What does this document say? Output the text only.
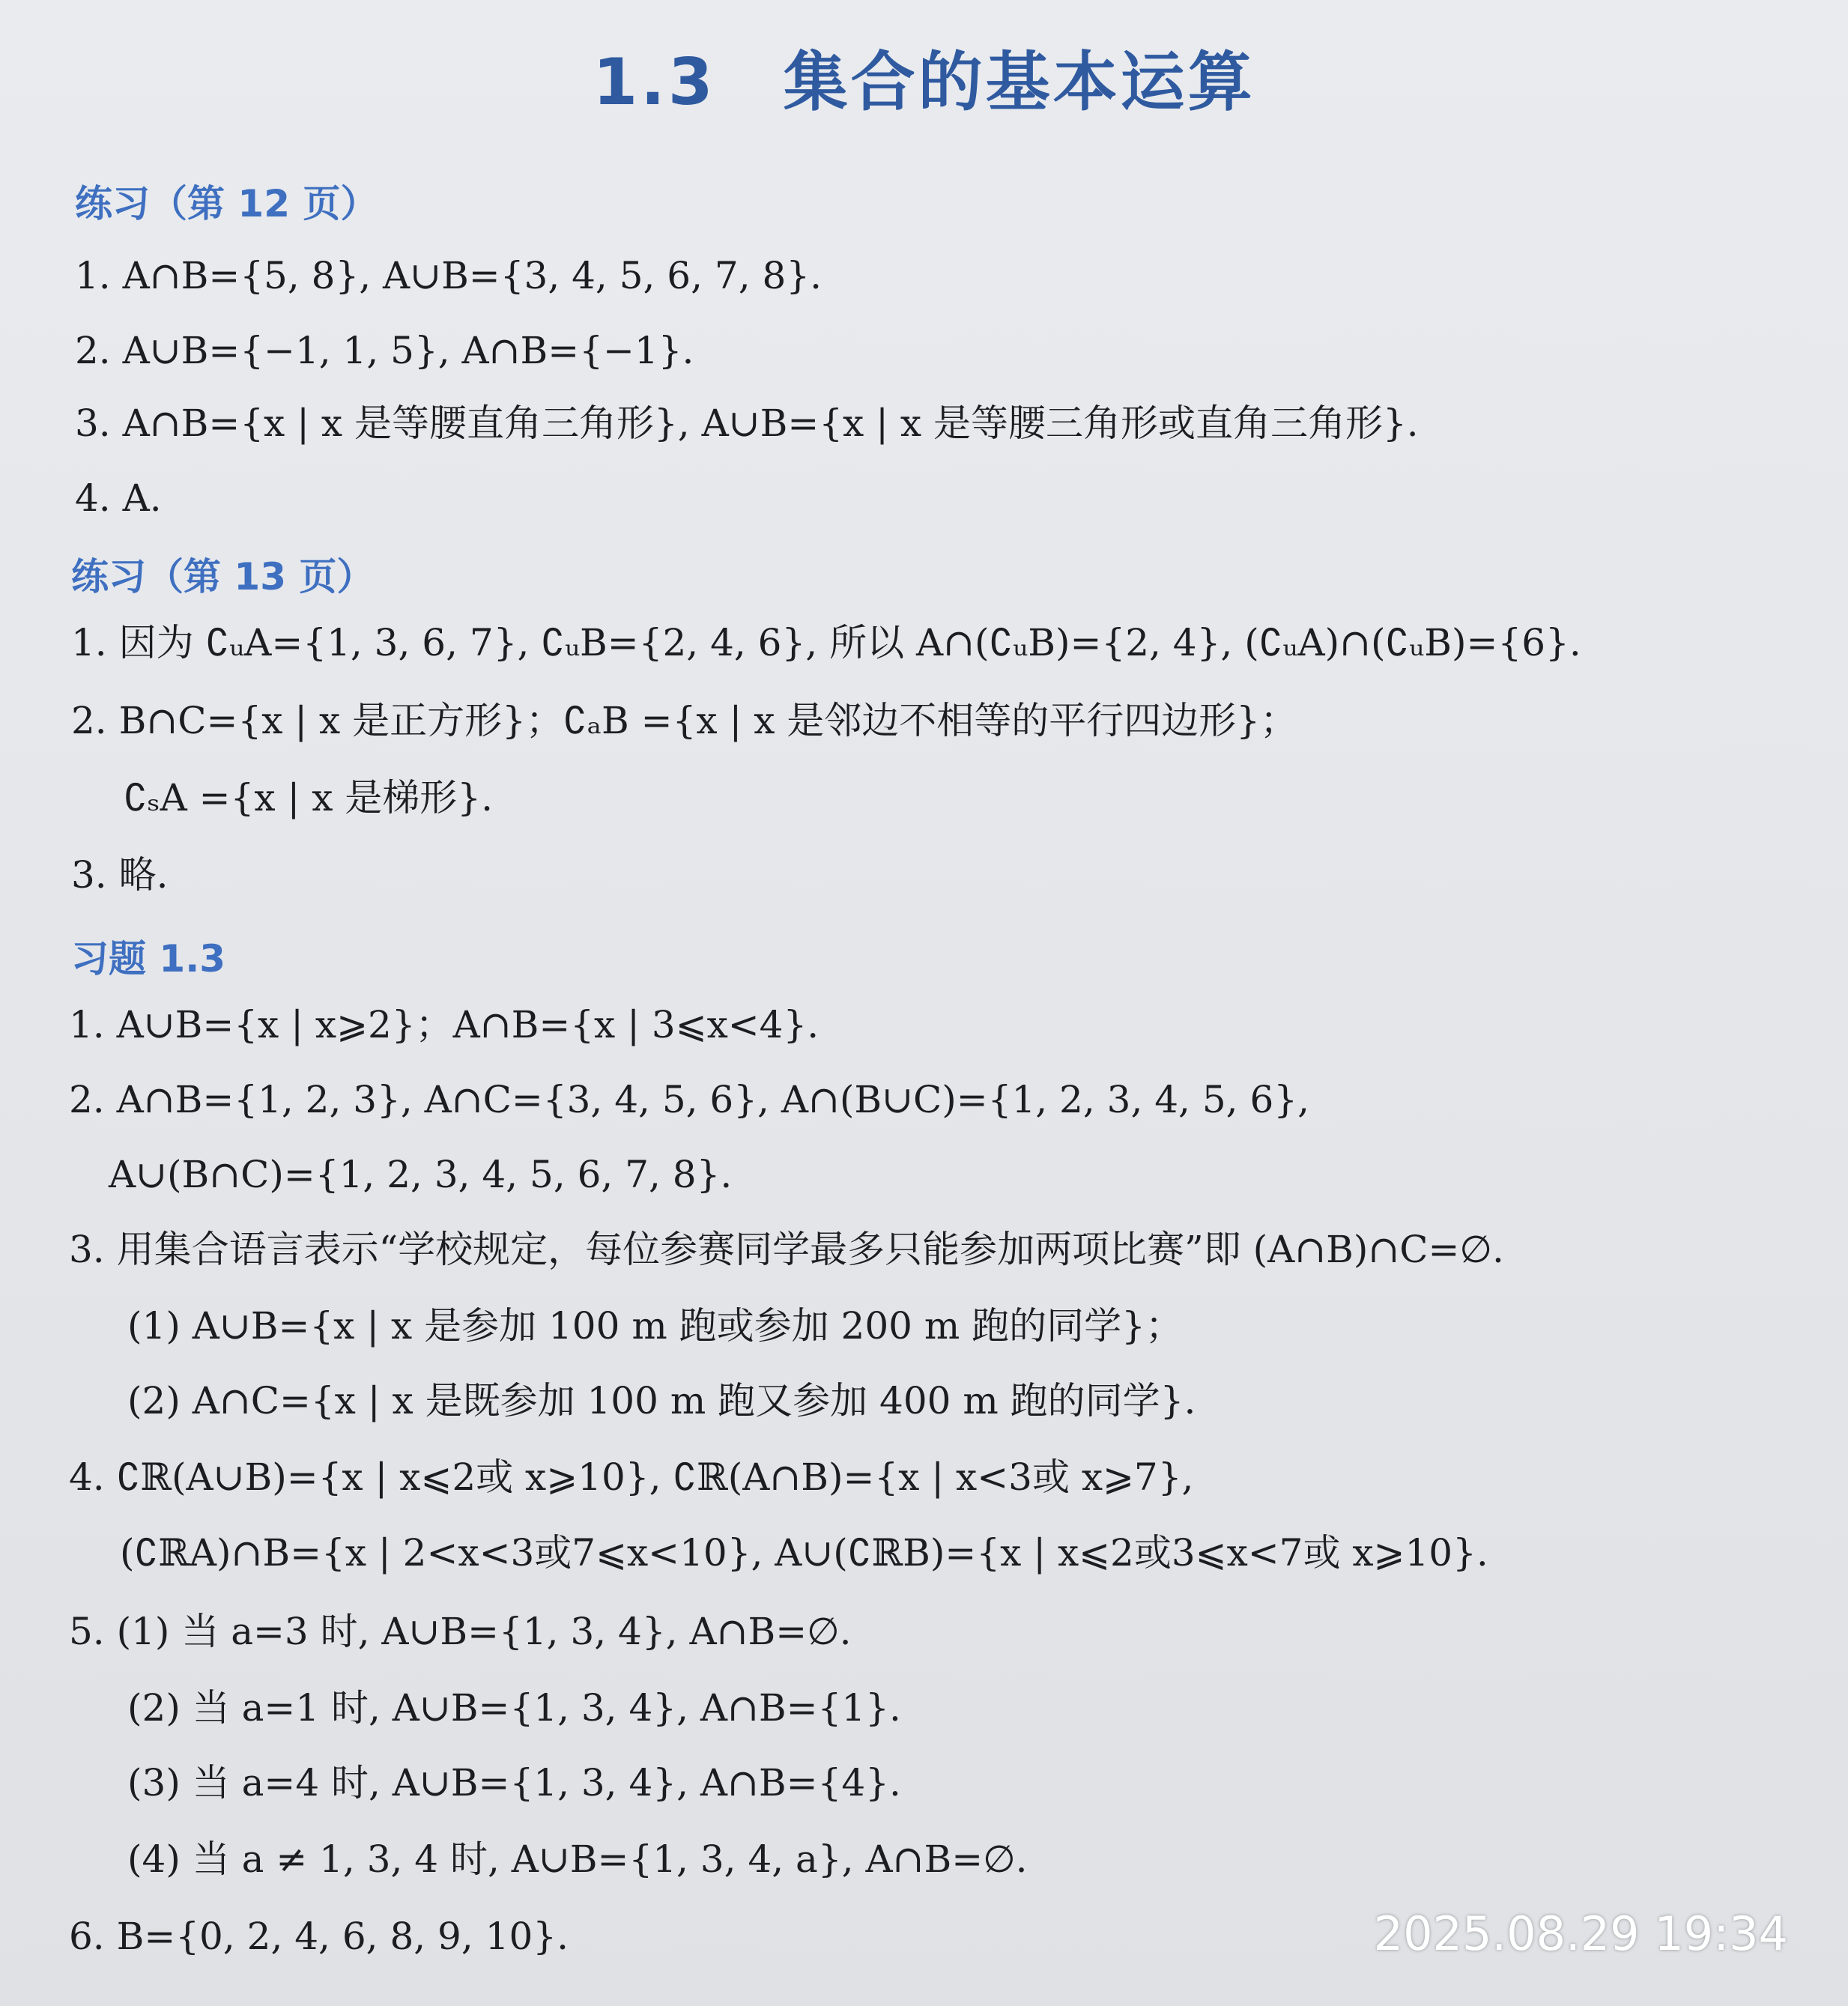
1.3 集合的基本运算
练习（第 12 页）
1. A∩B={5, 8}, A∪B={3, 4, 5, 6, 7, 8}.
2. A∪B={−1, 1, 5}, A∩B={−1}.
3. A∩B={x | x 是等腰直角三角形}, A∪B={x | x 是等腰三角形或直角三角形}.
4. A.
练习（第 13 页）
1. 因为 ∁ᵤA={1, 3, 6, 7}, ∁ᵤB={2, 4, 6}, 所以 A∩(∁ᵤB)={2, 4}, (∁ᵤA)∩(∁ᵤB)={6}.
2. B∩C={x | x 是正方形}；∁ₐB ={x | x 是邻边不相等的平行四边形}；
∁ₛA ={x | x 是梯形}.
3. 略.
习题 1.3
1. A∪B={x | x⩾2}；A∩B={x | 3⩽x<4}.
2. A∩B={1, 2, 3}, A∩C={3, 4, 5, 6}, A∩(B∪C)={1, 2, 3, 4, 5, 6},
A∪(B∩C)={1, 2, 3, 4, 5, 6, 7, 8}.
3. 用集合语言表示“学校规定，每位参赛同学最多只能参加两项比赛”即 (A∩B)∩C=∅.
(1) A∪B={x | x 是参加 100 m 跑或参加 200 m 跑的同学}；
(2) A∩C={x | x 是既参加 100 m 跑又参加 400 m 跑的同学}.
4. ∁ℝ(A∪B)={x | x⩽2或 x⩾10}, ∁ℝ(A∩B)={x | x<3或 x⩾7},
(∁ℝA)∩B={x | 2<x<3或7⩽x<10}, A∪(∁ℝB)={x | x⩽2或3⩽x<7或 x⩾10}.
5. (1) 当 a=3 时, A∪B={1, 3, 4}, A∩B=∅.
(2) 当 a=1 时, A∪B={1, 3, 4}, A∩B={1}.
(3) 当 a=4 时, A∪B={1, 3, 4}, A∩B={4}.
(4) 当 a ≠ 1, 3, 4 时, A∪B={1, 3, 4, a}, A∩B=∅.
6. B={0, 2, 4, 6, 8, 9, 10}.	2025.08.29 19:34
